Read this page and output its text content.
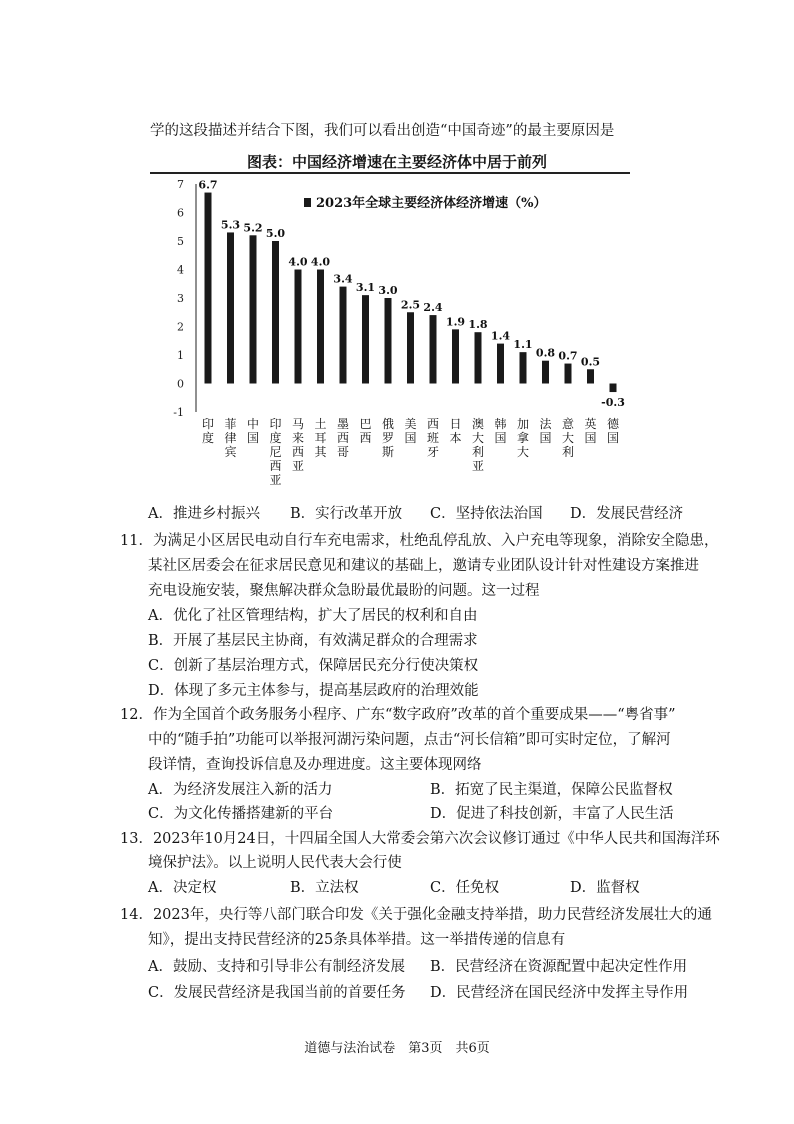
学的这段描述并结合下图，我们可以看出创造“中国奇迹”的最主要原因是
图表：中国经济增速在主要经济体中居于前列
7
6
5
4
3
2
1
0
-1
6.7
印度
5.3
菲律宾
5.2
中国
5.0
印度尼西亚
4.0
马来西亚
4.0
土耳其
3.4
墨西哥
3.1
巴西
3.0
俄罗斯
2.5
美国
2.4
西班牙
1.9
日本
1.8
澳大利亚
1.4
韩国
1.1
加拿大
0.8
法国
0.7
意大利
0.5
英国
-0.3
德国
2023年全球主要经济体经济增速（%）
A．推进乡村振兴 B．实行改革开放 C．坚持依法治国 D．发展民营经济
11．为满足小区居民电动自行车充电需求，杜绝乱停乱放、入户充电等现象，消除安全隐患，
某社区居委会在征求居民意见和建议的基础上，邀请专业团队设计针对性建设方案推进
充电设施安装，聚焦解决群众急盼最优最盼的问题。这一过程
A．优化了社区管理结构，扩大了居民的权利和自由
B．开展了基层民主协商，有效满足群众的合理需求
C．创新了基层治理方式，保障居民充分行使决策权
D．体现了多元主体参与，提高基层政府的治理效能
12．作为全国首个政务服务小程序、广东“数字政府”改革的首个重要成果——“粤省事”
中的“随手拍”功能可以举报河湖污染问题，点击“河长信箱”即可实时定位，了解河
段详情，查询投诉信息及办理进度。这主要体现网络
A．为经济发展注入新的活力	B．拓宽了民主渠道，保障公民监督权
C．为文化传播搭建新的平台	D．促进了科技创新，丰富了人民生活
13．2023年10月24日，十四届全国人大常委会第六次会议修订通过《中华人民共和国海洋环
境保护法》。以上说明人民代表大会行使
A．决定权	B．立法权	C．任免权	D．监督权
14．2023年，央行等八部门联合印发《关于强化金融支持举措，助力民营经济发展壮大的通
知》，提出支持民营经济的25条具体举措。这一举措传递的信息有
A．鼓励、支持和引导非公有制经济发展 B．民营经济在资源配置中起决定性作用
C．发展民营经济是我国当前的首要任务 D．民营经济在国民经济中发挥主导作用
道德与法治试卷　第3页　共6页
